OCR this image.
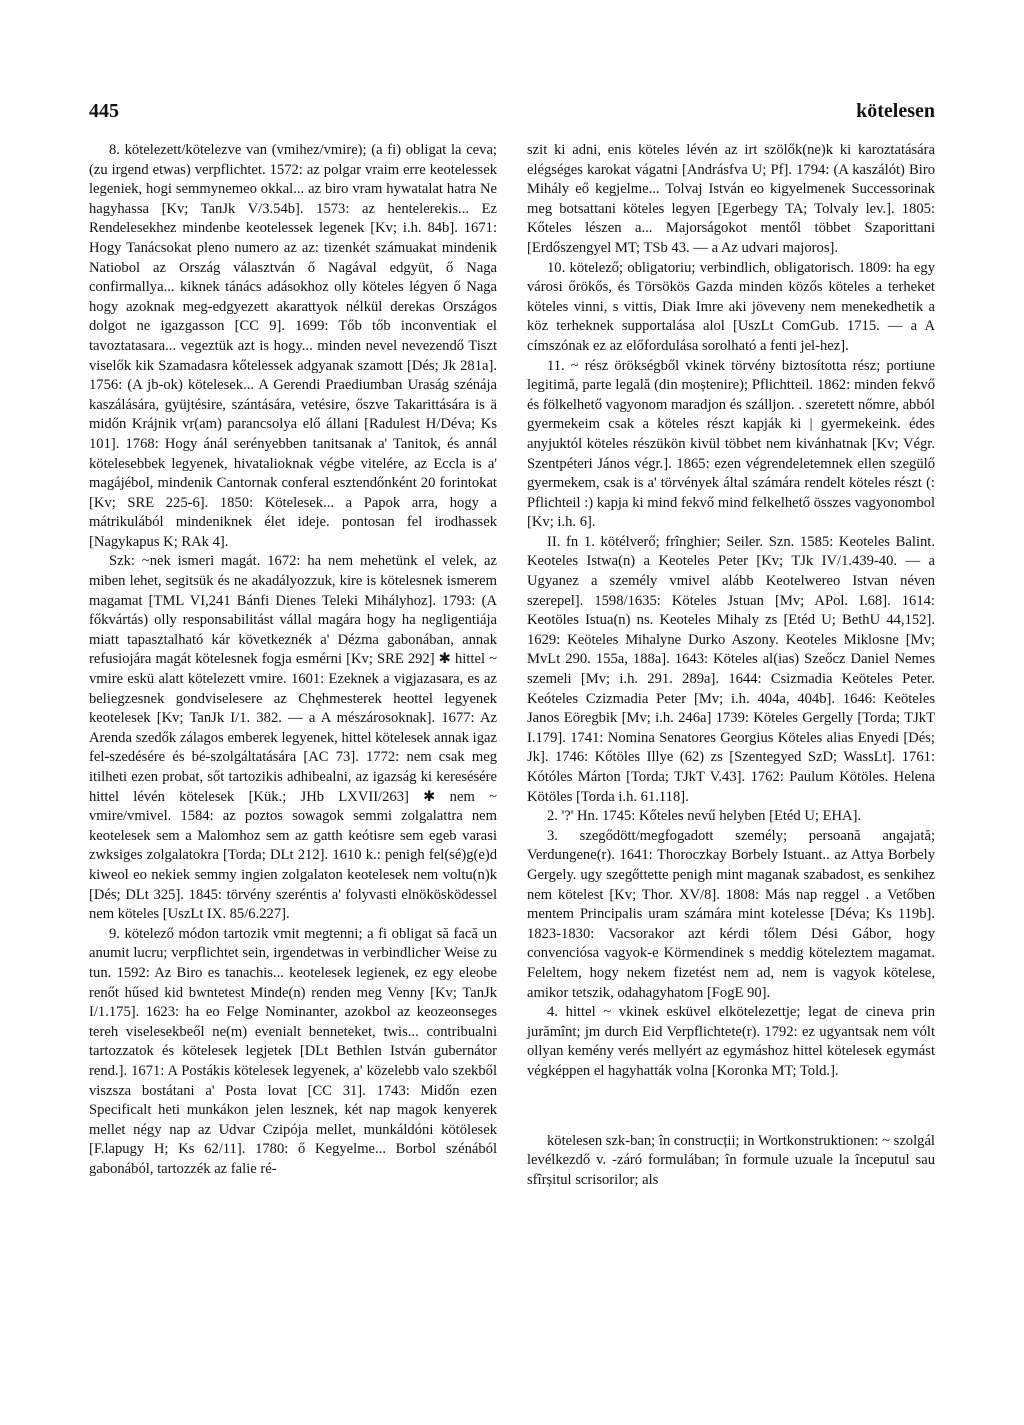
445	kötelesen

8. kötelezett/kötelezve van (vmihez/vmire); (a fi) obligat la ceva; (zu irgend etwas) verpflichtet. 1572: az polgar vraim erre keotelessek legeniek, hogi semmynemeo okkal... az biro vram hywatalat hatra Ne hagyhassa [Kv; TanJk V/3.54b]. 1573: az hentelerekis... Ez Rendelesekhez mindenbe keotelessek legenek [Kv; i.h. 84b]. 1671: Hogy Tanácsokat pleno numero az az: tizenkét számuakat mindenik Natiobol az Ország választván ő Nagával edgyüt, ő Naga confirmallya... kiknek tánács adásokhoz olly köteles légyen ő Naga hogy azoknak meg-edgyezett akarattyok nélkül derekas Országos dolgot ne igazgasson [CC 9]. 1699: Tőb tőb inconventiak el tavoztatasara... vegeztük azt is hogy... minden nevel nevezendő Tiszt viselők kik Szamadasra kőtelessek adgyanak szamott [Dés; Jk 281a]. 1756: (A jb-ok) kötelesek... A Gerendi Praediumban Uraság szénája kaszálására, gyüjtésire, szántására, vetésire, őszve Takarittására is ä midőn Krájnik vr(am) parancsolya elő állani [Radulest H/Déva; Ks 101]. 1768: Hogy ánál serényebben tanitsanak a' Tanitok, és annál kötelesebbek legyenek, hivatalioknak végbe vitelére, az Eccla is a' magájébol, mindenik Cantornak conferal esztendőnként 20 forintokat [Kv; SRE 225-6]. 1850: Kötelesek... a Papok arra, hogy a mátrikulából mindeniknek élet ideje. pontosan fel irodhassek [Nagykapus K; RAk 4].

Szk: ~nek ismeri magát. 1672: ha nem mehetünk el velek, az miben lehet, segitsük és ne akadályozzuk, kire is kötelesnek ismerem magamat [TML VI,241 Bánfi Dienes Teleki Mihályhoz]. 1793: (A főkvártás) olly responsabilitást vállal magára hogy ha negligentiája miatt tapasztalható kár következnék a' Dézma gabonában, annak refusiojára magát kötelesnek fogja esmérni [Kv; SRE 292] ✱ hittel ~ vmire eskü alatt kötelezett vmire. 1601: Ezeknek a vigjazasara, es az beliegzesnek gondviselesere az Chęhmesterek heottel legyenek keotelesek [Kv; TanJk I/1. 382. — a A mészárosoknak]. 1677: Az Arenda szedők zálagos emberek legyenek, hittel kötelesek annak igaz fel-szedésére és bé-szolgáltatására [AC 73]. 1772: nem csak meg itilheti ezen probat, sőt tartozikis adhibealni, az igazság ki keresésére hittel lévén kötelesek [Kük.; JHb LXVII/263] ✱ nem ~ vmire/vmivel. 1584: az poztos sowagok semmi zolgalattra nem keotelesek sem a Malomhoz sem az gatth keótisre sem egeb varasi zwksiges zolgalatokra [Torda; DLt 212]. 1610 k.: penigh fel(sé)g(e)d kiweol eo nekiek semmy ingien zolgalaton keotelesek nem voltu(n)k [Dés; DLt 325]. 1845: törvény szeréntis a' folyvasti elnökösködessel nem köteles [UszLt IX. 85/6.227].

9. kötelező módon tartozik vmit megtenni; a fi obligat să facă un anumit lucru; verpflichtet sein, irgendetwas in verbindlicher Weise zu tun. 1592: Az Biro es tanachis... keotelesek legienek, ez egy eleobe renőt hűsed kid bwntetest Minde(n) renden meg Venny [Kv; TanJk I/1.175]. 1623: ha eo Felge Nominanter, azokbol az keozeonseges tereh viselesekbeől ne(m) evenialt benneteket, twis... contribualni tartozzatok és kötelesek legjetek [DLt Bethlen István gubernátor rend.]. 1671: A Postákis kötelesek legyenek, a' közelebb valo szekből viszsza bostátani a' Posta lovat [CC 31]. 1743: Midőn ezen Specificalt heti munkákon jelen lesznek, két nap magok kenyerek mellet négy nap az Udvar Czipója mellet, munkáldóni kötölesek [F.lapugy H; Ks 62/11]. 1780: ő Kegyelme... Borbol szénából gabonából, tartozzék az falie ré-

szit ki adni, enis köteles lévén az irt szölők(ne)k ki karoztatására elégséges karokat vágatni [Andrásfva U; Pf]. 1794: (A kaszálót) Biro Mihály eő kegjelme... Tolvaj István eo kigyelmenek Successorinak meg botsattani köteles legyen [Egerbegy TA; Tolvaly lev.]. 1805: Kőteles lészen a... Majorságokot mentől többet Szaporittani [Erdőszengyel MT; TSb 43. — a Az udvari majoros].

10. kötelező; obligatoriu; verbindlich, obligatorisch. 1809: ha egy városi őrökős, és Törsökös Gazda minden közős köteles a terheket köteles vinni, s vittis, Diak Imre aki jöveveny nem menekedhetik a köz terheknek supportalása alol [UszLt ComGub. 1715. — a A címszónak ez az előfordulása sorolható a fenti jel-hez].

11. ~ rész örökségből vkinek törvény biztosította rész; portiune legitimă, parte legală (din moștenire); Pflichtteil. 1862: minden fekvő és fölkelhető vagyonom maradjon és szálljon. . szeretett nőmre, abból gyermekeim csak a köteles részt kapják ki | gyermekeink. édes anyjuktól köteles részükön kivül többet nem kivánhatnak [Kv; Végr. Szentpéteri János végr.]. 1865: ezen végrendeletemnek ellen szegülő gyermekem, csak is a' törvények által számára rendelt köteles részt (: Pflichteil :) kapja ki mind fekvő mind felkelhető összes vagyonombol [Kv; i.h. 6].

II. fn 1. kötélverő; frînghier; Seiler. Szn. 1585: Keoteles Balint. Keoteles Istwa(n) a Keoteles Peter [Kv; TJk IV/1.439-40. — a Ugyanez a személy vmivel alább Keotelwereo Istvan néven szerepel]. 1598/1635: Köteles Jstuan [Mv; APol. I.68]. 1614: Keotöles Istua(n) ns. Keoteles Mihaly zs [Etéd U; BethU 44,152]. 1629: Keöteles Mihalyne Durko Aszony. Keoteles Miklosne [Mv; MvLt 290. 155a, 188a]. 1643: Köteles al(ias) Szeőcz Daniel Nemes szemeli [Mv; i.h. 291. 289a]. 1644: Csizmadia Keöteles Peter. Keóteles Czizmadia Peter [Mv; i.h. 404a, 404b]. 1646: Keöteles Janos Eöregbik [Mv; i.h. 246a] 1739: Köteles Gergelly [Torda; TJkT I.179]. 1741: Nomina Senatores Georgius Köteles alias Enyedi [Dés; Jk]. 1746: Kőtöles Illye (62) zs [Szentegyed SzD; WassLt]. 1761: Kótóles Márton [Torda; TJkT V.43]. 1762: Paulum Kötöles. Helena Kötöles [Torda i.h. 61.118].

2. '?' Hn. 1745: Kőteles nevű helyben [Etéd U; EHA].

3. szegődött/megfogadott személy; persoană angajată; Verdungene(r). 1641: Thoroczkay Borbely Istuant.. az Attya Borbely Gergely. ugy szegőttette penigh mint maganak szabadost, es senkihez nem kötelest [Kv; Thor. XV/8]. 1808: Más nap reggel . a Vetőben mentem Principalis uram számára mint kotelesse [Déva; Ks 119b]. 1823-1830: Vacsorakor azt kérdi tőlem Dési Gábor, hogy convenciósa vagyok-e Körmendinek s meddig köteleztem magamat. Feleltem, hogy nekem fizetést nem ad, nem is vagyok kötelese, amikor tetszik, odahagyhatom [FogE 90].

4. hittel ~ vkinek esküvel elkötelezettje; legat de cineva prin jurămînt; jm durch Eid Verpflichtete(r). 1792: ez ugyantsak nem vólt ollyan kemény verés mellyért az egymáshoz hittel kötelesek egymást végképpen el hagyhatták volna [Koronka MT; Told.].

kötelesen szk-ban; în construcții; in Wortkonstruktionen: ~ szolgál levélkezdő v. -záró formulában; în formule uzuale la începutul sau sfîrșitul scrisorilor; als
